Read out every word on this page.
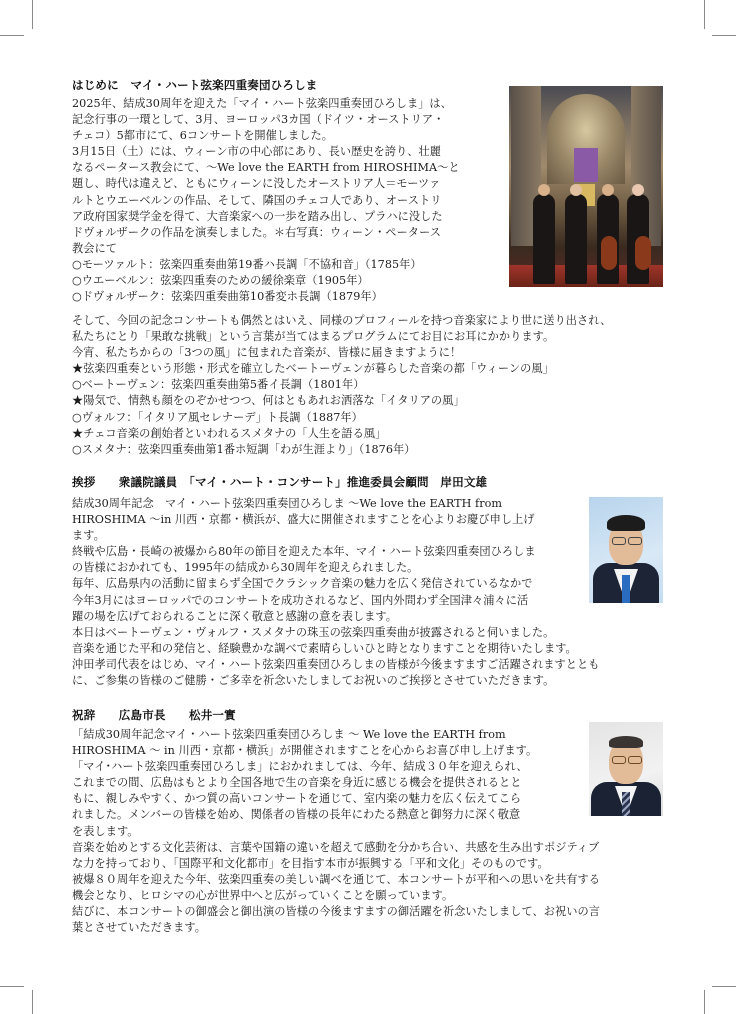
はじめに　マイ・ハート弦楽四重奏団ひろしま
2025年、結成30周年を迎えた「マイ・ハート弦楽四重奏団ひろしま」は、
記念行事の一環として、3月、ヨーロッパ3カ国（ドイツ・オーストリア・
チェコ）5都市にて、6コンサートを開催しました。
3月15日（土）には、ウィーン市の中心部にあり、長い歴史を誇り、壮麗
なるペータース教会にて、～We love the EARTH from HIROSHIMA～と
題し、時代は違えど、ともにウィーンに没したオーストリア人＝モーツァ
ルトとウエーベルンの作品、そして、隣国のチェコ人であり、オーストリ
ア政府国家奨学金を得て、大音楽家への一歩を踏み出し、プラハに没した
ドヴォルザークの作品を演奏しました。＊右写真：ウィーン・ペータース
教会にて
○モーツァルト：弦楽四重奏曲第19番ハ長調「不協和音」（1785年）
○ウエーベルン：弦楽四重奏のための緩徐楽章（1905年）
○ドヴォルザーク：弦楽四重奏曲第10番変ホ長調（1879年）
そして、今回の記念コンサートも偶然とはいえ、同様のプロフィールを持つ音楽家により世に送り出され、
私たちにとり「果敢な挑戦」という言葉が当てはまるプログラムにてお目にお耳にかかります。
今宵、私たちからの「3つの風」に包まれた音楽が、皆様に届きますように！
★弦楽四重奏という形態・形式を確立したベートーヴェンが暮らした音楽の都「ウィーンの風」
○ベートーヴェン：弦楽四重奏曲第5番イ長調（1801年）
★陽気で、情熱も顔をのぞかせつつ、何はともあれお洒落な「イタリアの風」
○ヴォルフ：「イタリア風セレナーデ」ト長調（1887年）
★チェコ音楽の創始者といわれるスメタナの「人生を語る風」
○スメタナ：弦楽四重奏曲第1番ホ短調「わが生涯より」（1876年）
挨拶　　衆議院議員　「マイ・ハート・コンサート」推進委員会顧問　岸田文雄
結成30周年記念　マイ・ハート弦楽四重奏団ひろしま ～We love the EARTH from
HIROSHIMA ～in 川西・京都・横浜が、盛大に開催されますことを心よりお慶び申し上げ
ます。
終戦や広島・長崎の被爆から80年の節目を迎えた本年、マイ・ハート弦楽四重奏団ひろしま
の皆様におかれても、1995年の結成から30周年を迎えられました。
毎年、広島県内の活動に留まらず全国でクラシック音楽の魅力を広く発信されているなかで
今年3月にはヨーロッパでのコンサートを成功されるなど、国内外問わず全国津々浦々に活
躍の場を広げておられることに深く敬意と感謝の意を表します。
本日はベートーヴェン・ヴォルフ・スメタナの珠玉の弦楽四重奏曲が披露されると伺いました。
音楽を通じた平和の発信と、経験豊かな調べで素晴らしいひと時となりますことを期待いたします。
沖田孝司代表をはじめ、マイ・ハート弦楽四重奏団ひろしまの皆様が今後ますますご活躍されますととも
に、ご参集の皆様のご健勝・ご多幸を祈念いたしましてお祝いのご挨拶とさせていただきます。
祝辞　　広島市長　　松井一實
「結成30周年記念マイ・ハート弦楽四重奏団ひろしま ～ We love the EARTH from
HIROSHIMA ～ in 川西・京都・横浜」が開催されますことを心からお喜び申し上げます。
「マイ･ハート弦楽四重奏団ひろしま」におかれましては、今年、結成３０年を迎えられ、
これまでの間、広島はもとより全国各地で生の音楽を身近に感じる機会を提供されるとと
もに、親しみやすく、かつ質の高いコンサートを通じて、室内楽の魅力を広く伝えてこら
れました。メンバーの皆様を始め、関係者の皆様の長年にわたる熱意と御努力に深く敬意
を表します。
音楽を始めとする文化芸術は、言葉や国籍の違いを超えて感動を分かち合い、共感を生み出すポジティブ
な力を持っており、「国際平和文化都市」を目指す本市が振興する「平和文化」そのものです。
被爆８０周年を迎えた今年、弦楽四重奏の美しい調べを通じて、本コンサートが平和への思いを共有する
機会となり、ヒロシマの心が世界中へと広がっていくことを願っています。
結びに、本コンサートの御盛会と御出演の皆様の今後ますますの御活躍を祈念いたしまして、お祝いの言
葉とさせていただきます。
